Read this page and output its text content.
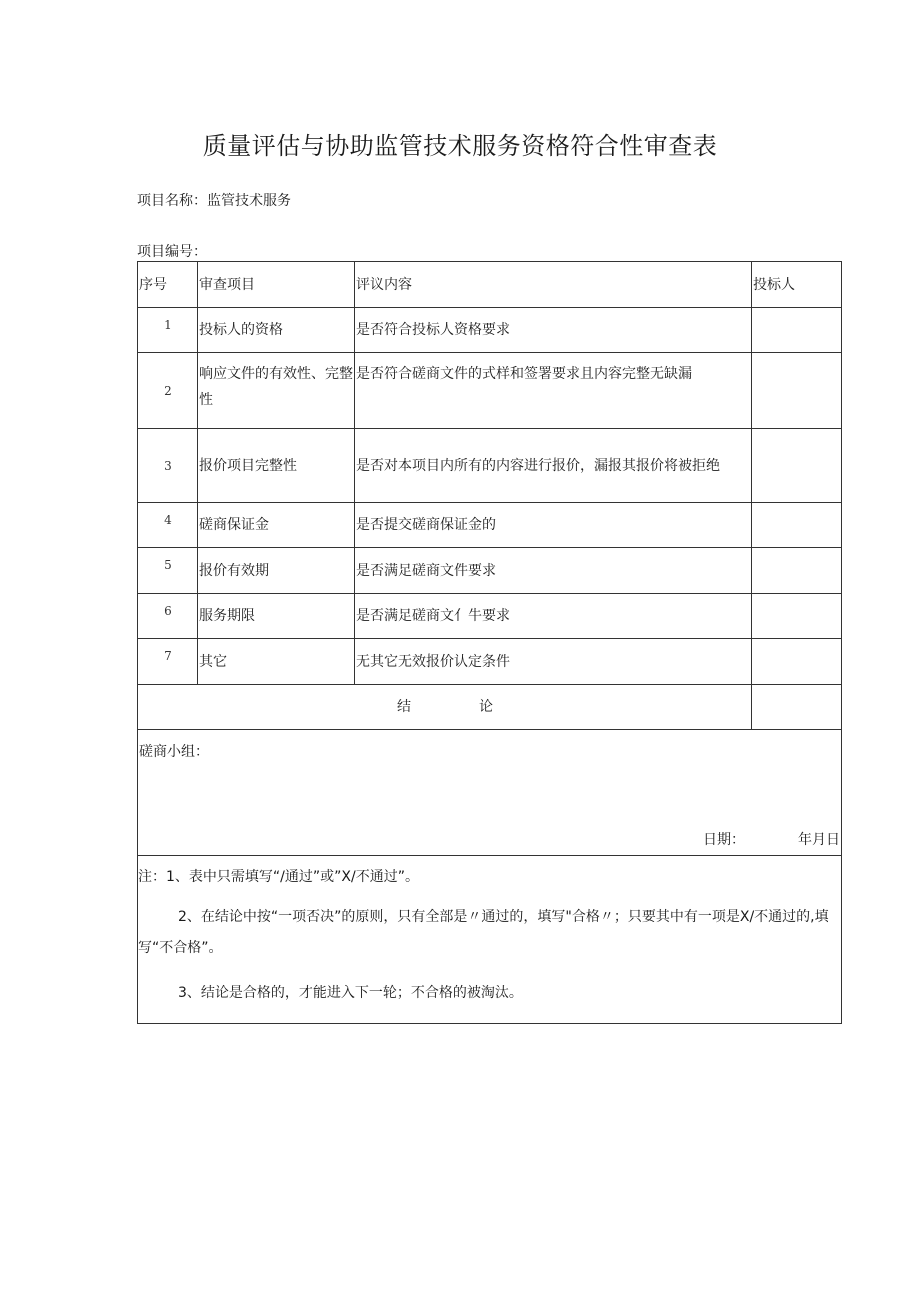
质量评估与协助监管技术服务资格符合性审查表
项目名称：监管技术服务
项目编号：
序号	审查项目	评议内容	投标人
1	投标人的资格	是否符合投标人资格要求	
2	响应文件的有效性、完整性	是否符合磋商文件的式样和签署要求且内容完整无缺漏	
3	报价项目完整性	是否对本项目内所有的内容进行报价，漏报其报价将被拒绝	
4	磋商保证金	是否提交磋商保证金的	
5	报价有效期	是否满足磋商文件要求	
6	服务期限	是否满足磋商文亻牛要求	
7	其它	无其它无效报价认定条件	
结 论			

磋商小组：
日期： 年月日			

注：1、表中只需填写“/通过”或”X/不通过”。

2、在结论中按“一项否决”的原则，只有全部是〃通过的，填写"合格〃；只要其中有一项是X/不通过的,填写“不合格”。

3、结论是合格的，才能进入下一轮；不合格的被淘汰。			
